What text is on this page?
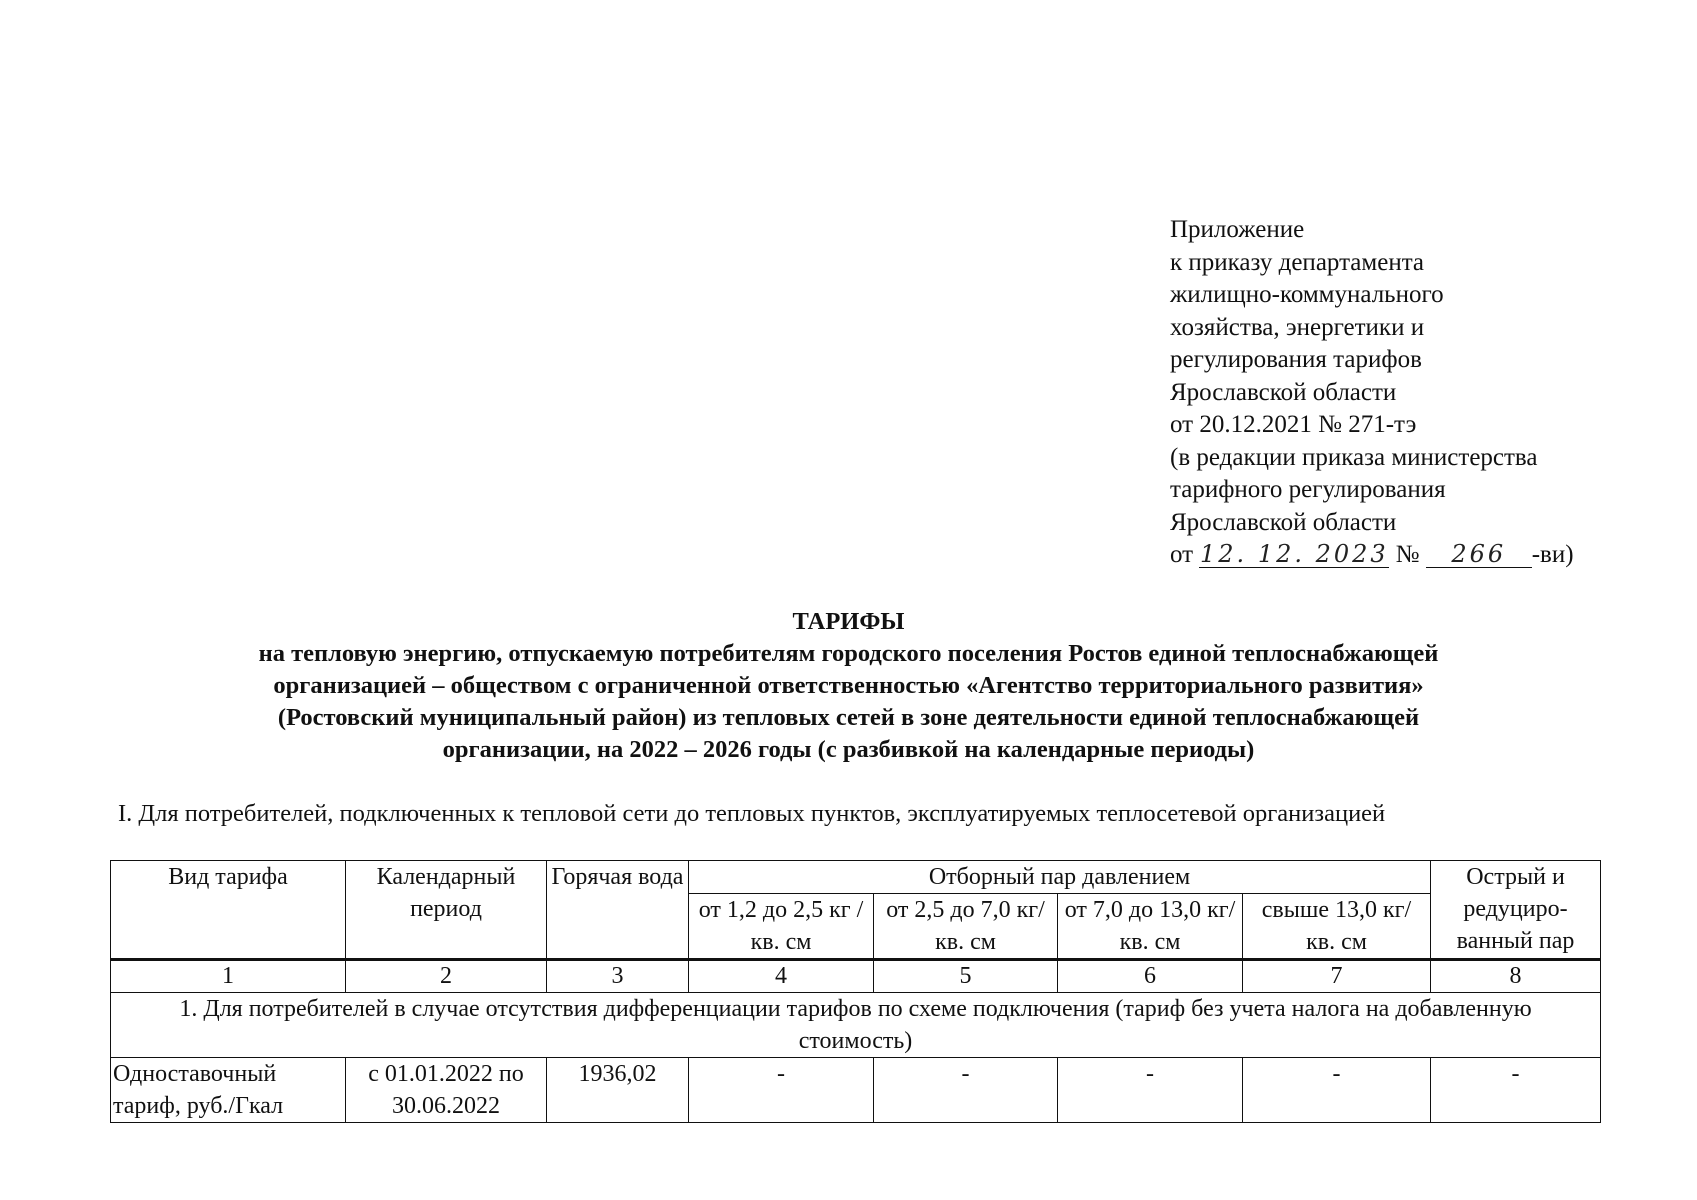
Приложение
к приказу департамента
жилищно-коммунального
хозяйства, энергетики и
регулирования тарифов
Ярославской области
от 20.12.2021 № 271-тэ
(в редакции приказа министерства
тарифного регулирования
Ярославской области
от 12. 12. 2023 № 266 -ви)
ТАРИФЫ
на тепловую энергию, отпускаемую потребителям городского поселения Ростов единой теплоснабжающей
организацией – обществом с ограниченной ответственностью «Агентство территориального развития»
(Ростовский муниципальный район) из тепловых сетей в зоне деятельности единой теплоснабжающей
организации, на 2022 – 2026 годы (с разбивкой на календарные периоды)
I. Для потребителей, подключенных к тепловой сети до тепловых пунктов, эксплуатируемых теплосетевой организацией
Вид тарифа	Календарный период	Горячая вода	Отборный пар давлением				Острый и редуциро-ванный пар
			от 1,2 до 2,5 кг /кв. см	от 2,5 до 7,0 кг/ кв. см	от 7,0 до 13,0 кг/ кв. см	свыше 13,0 кг/ кв. см	
1	2	3	4	5	6	7	8
1. Для потребителей в случае отсутствия дифференциации тарифов по схеме подключения (тариф без учета налога на добавленную стоимость)							
Одноставочный тариф, руб./Гкал	с 01.01.2022 по 30.06.2022	1936,02	-	-	-	-	-
